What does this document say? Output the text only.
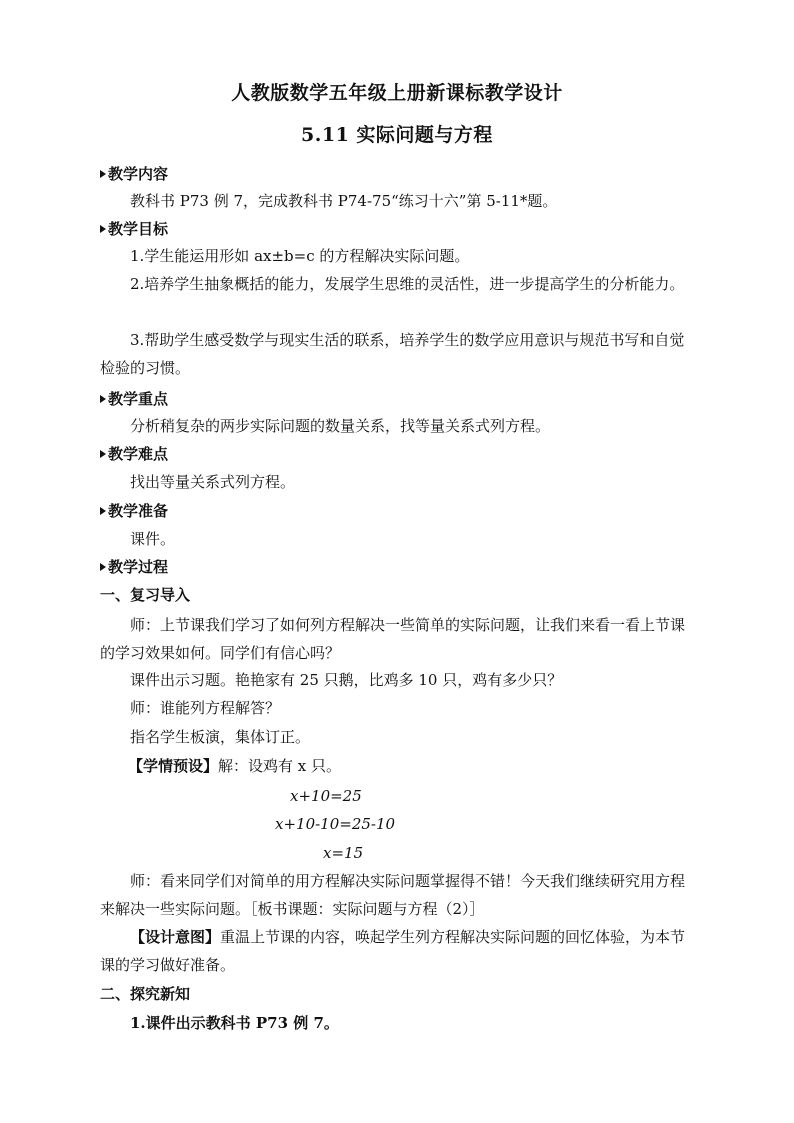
人教版数学五年级上册新课标教学设计
5.11 实际问题与方程
教学内容
教科书 P73 例 7，完成教科书 P74-75“练习十六”第 5-11*题。
教学目标
1.学生能运用形如 ax±b=c 的方程解决实际问题。
2.培养学生抽象概括的能力，发展学生思维的灵活性，进一步提高学生的分析能力。
3.帮助学生感受数学与现实生活的联系，培养学生的数学应用意识与规范书写和自觉检验的习惯。
教学重点
分析稍复杂的两步实际问题的数量关系，找等量关系式列方程。
教学难点
找出等量关系式列方程。
教学准备
课件。
教学过程
一、复习导入
师：上节课我们学习了如何列方程解决一些简单的实际问题，让我们来看一看上节课的学习效果如何。同学们有信心吗？
课件出示习题。艳艳家有 25 只鹅，比鸡多 10 只，鸡有多少只？
师：谁能列方程解答？
指名学生板演，集体订正。
【学情预设】解：设鸡有 x 只。
x+10=25
x+10-10=25-10
x=15
师：看来同学们对简单的用方程解决实际问题掌握得不错！今天我们继续研究用方程来解决一些实际问题。［板书课题：实际问题与方程（2）］
【设计意图】重温上节课的内容，唤起学生列方程解决实际问题的回忆体验，为本节课的学习做好准备。
二、探究新知
1.课件出示教科书 P73 例 7。
